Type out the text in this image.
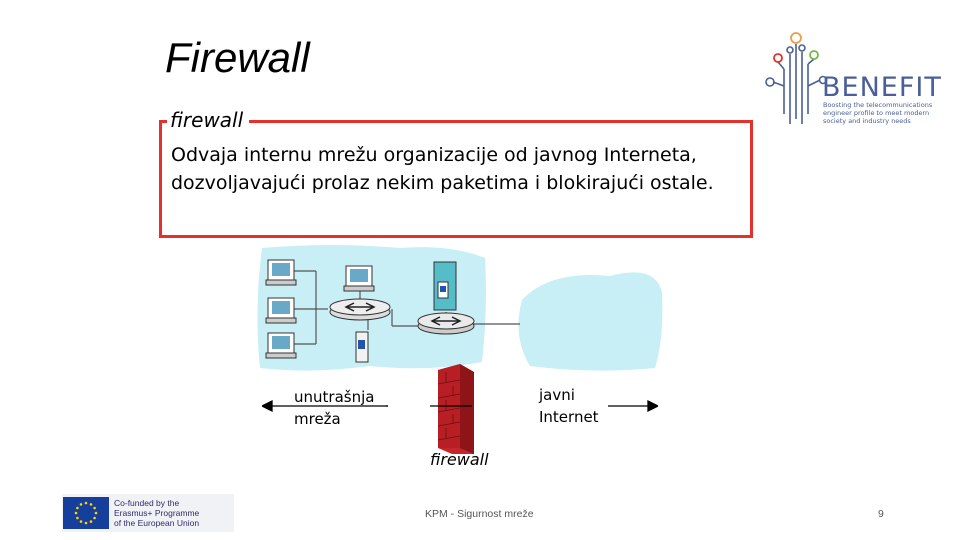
Firewall
BENEFIT
Boosting the telecommunications engineer profile to meet modern society and industry needs
firewall
Odvaja internu mrežu organizacije od javnog Interneta, dozvoljavajući prolaz nekim paketima i blokirajući ostale.
unutrašnja
mreža
javni
Internet
firewall
Co-funded by the
Erasmus+ Programme
of the European Union
KPM - Sigurnost mreže	9
